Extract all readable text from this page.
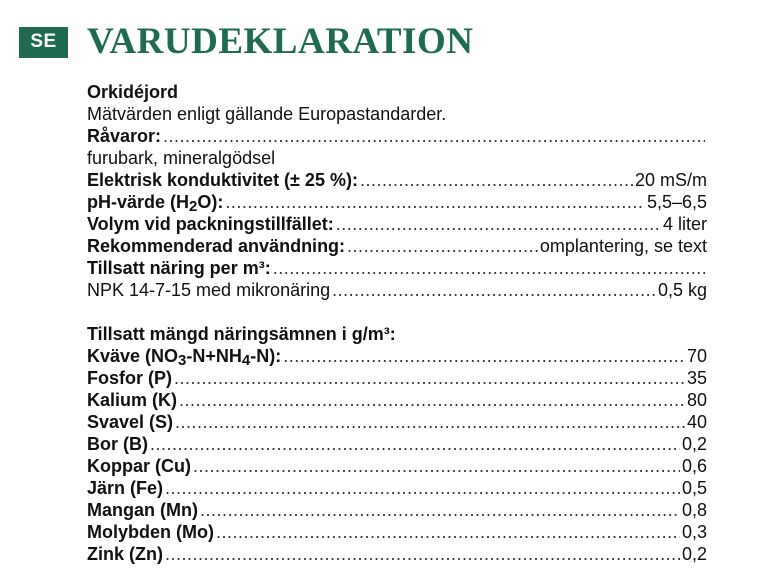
SE VARUDEKLARATION
Orkidéjord
Mätvärden enligt gällande Europastandarder.
Råvaror:
.....
furubark, mineralgödsel
Elektrisk konduktivitet (± 25 %): .....	20 mS/m
pH-värde $(H_2O)$: .....	5,5–6,5
Volym vid packningstillfället: .....	4 liter
Rekommenderad användning: .....	omplantering, se text
Tillsatt näring per m³:
.....
NPK 14-7-15 med mikronäring .....	0,5 kg
Tillsatt mängd näringsämnen i g/m³:
Kväve $(NO_3-N+NH_4-N)$: .....	70
Fosfor (P) .....	35
Kalium (K) .....	80
Svavel (S) .....	40
Bor (B) .....	0,2
Koppar (Cu) .....	0,6
Järn (Fe) .....	0,5
Mangan (Mn) .....	0,8
Molybden (Mo) .....	0,3
Zink (Zn) .....	0,2
